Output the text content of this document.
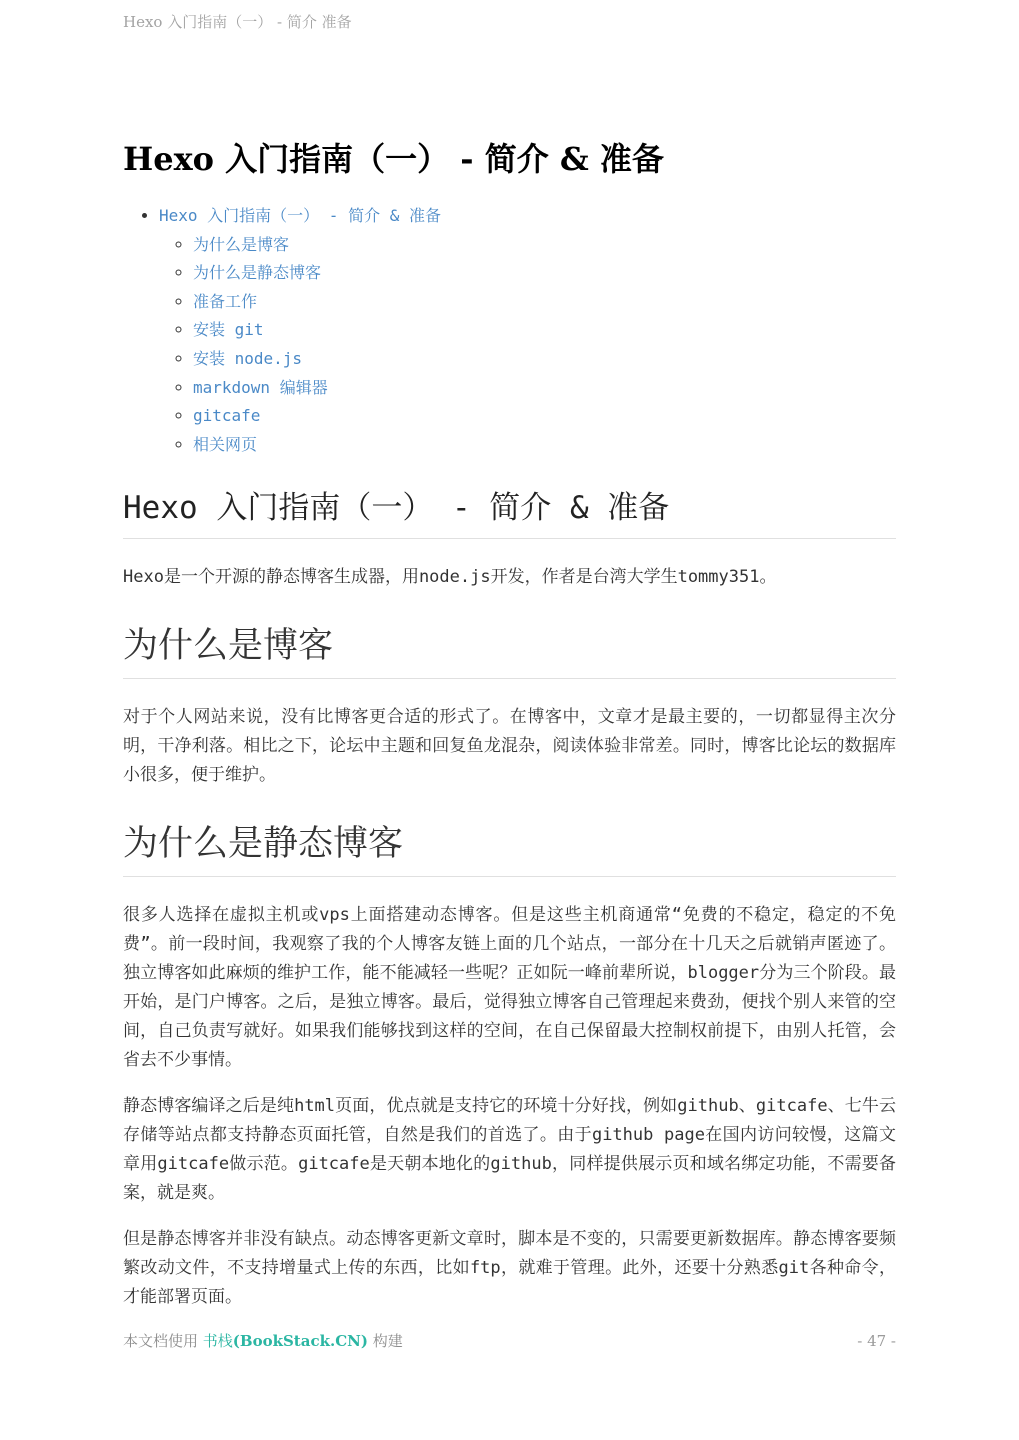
Hexo 入门指南（一） - 简介 准备
Hexo 入门指南（一） - 简介 & 准备
• Hexo 入门指南（一） - 简介 & 准备
◦ 为什么是博客
◦ 为什么是静态博客
◦ 准备工作
◦ 安装 git
◦ 安装 node.js
◦ markdown 编辑器
◦ gitcafe
◦ 相关网页
Hexo 入门指南（一） - 简介 & 准备

Hexo是一个开源的静态博客生成器，用node.js开发，作者是台湾大学生tommy351。

为什么是博客

对于个人网站来说，没有比博客更合适的形式了。在博客中，文章才是最主要的，一切都显得主次分明，干净利落。相比之下，论坛中主题和回复鱼龙混杂，阅读体验非常差。同时，博客比论坛的数据库小很多，便于维护。

为什么是静态博客

很多人选择在虚拟主机或vps上面搭建动态博客。但是这些主机商通常“免费的不稳定，稳定的不免费”。前一段时间，我观察了我的个人博客友链上面的几个站点，一部分在十几天之后就销声匿迹了。独立博客如此麻烦的维护工作，能不能减轻一些呢？正如阮一峰前辈所说，blogger分为三个阶段。最开始，是门户博客。之后，是独立博客。最后，觉得独立博客自己管理起来费劲，便找个别人来管的空间，自己负责写就好。如果我们能够找到这样的空间，在自己保留最大控制权前提下，由别人托管，会省去不少事情。

静态博客编译之后是纯html页面，优点就是支持它的环境十分好找，例如github、gitcafe、七牛云存储等站点都支持静态页面托管，自然是我们的首选了。由于github page在国内访问较慢，这篇文章用gitcafe做示范。gitcafe是天朝本地化的github，同样提供展示页和域名绑定功能，不需要备案，就是爽。

但是静态博客并非没有缺点。动态博客更新文章时，脚本是不变的，只需要更新数据库。静态博客要频繁改动文件，不支持增量式上传的东西，比如ftp，就难于管理。此外，还要十分熟悉git各种命令，才能部署页面。

本文档使用 书栈(BookStack.CN) 构建	- 47 -
